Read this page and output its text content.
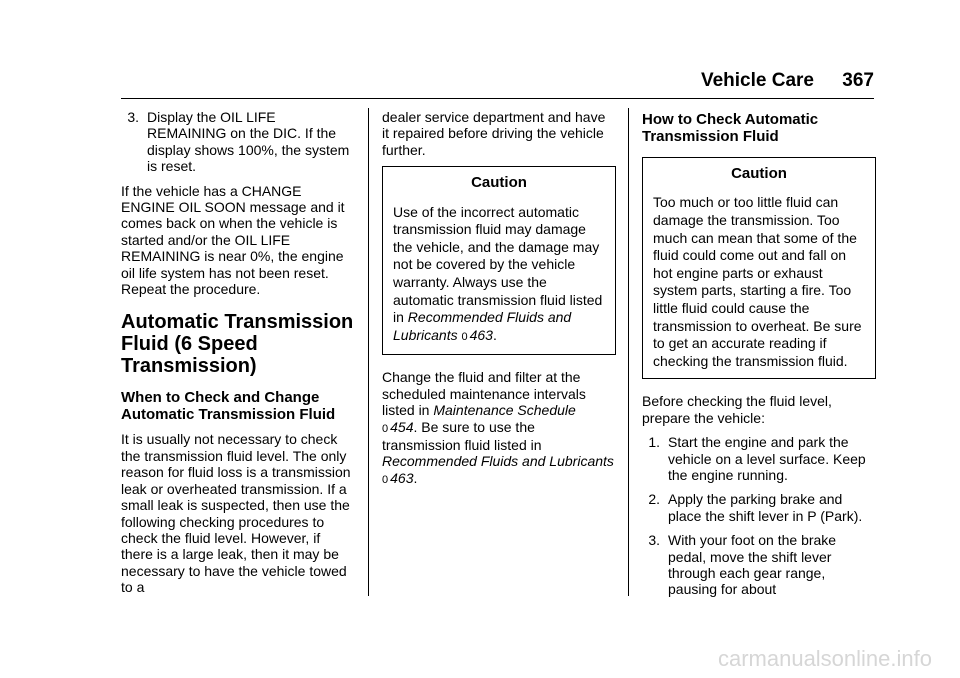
Vehicle Care 367
3. Display the OIL LIFE REMAINING on the DIC. If the display shows 100%, the system is reset.

If the vehicle has a CHANGE ENGINE OIL SOON message and it comes back on when the vehicle is started and/or the OIL LIFE REMAINING is near 0%, the engine oil life system has not been reset. Repeat the procedure.

Automatic Transmission Fluid (6 Speed Transmission)
When to Check and Change Automatic Transmission Fluid

It is usually not necessary to check the transmission fluid level. The only reason for fluid loss is a transmission leak or overheated transmission. If a small leak is suspected, then use the following checking procedures to check the fluid level. However, if there is a large leak, then it may be necessary to have the vehicle towed to a

dealer service department and have it repaired before driving the vehicle further.

Caution
Use of the incorrect automatic transmission fluid may damage the vehicle, and the damage may not be covered by the vehicle warranty. Always use the automatic transmission fluid listed in Recommended Fluids and Lubricants 0 463.

Change the fluid and filter at the scheduled maintenance intervals listed in Maintenance Schedule
0 454. Be sure to use the transmission fluid listed in Recommended Fluids and Lubricants 0 463.

How to Check Automatic Transmission Fluid
Caution
Too much or too little fluid can damage the transmission. Too much can mean that some of the fluid could come out and fall on hot engine parts or exhaust system parts, starting a fire. Too little fluid could cause the transmission to overheat. Be sure to get an accurate reading if checking the transmission fluid.

Before checking the fluid level, prepare the vehicle:

1. Start the engine and park the vehicle on a level surface. Keep the engine running.
2. Apply the parking brake and place the shift lever in P (Park).
3. With your foot on the brake pedal, move the shift lever through each gear range, pausing for about
carmanualsonline.info
